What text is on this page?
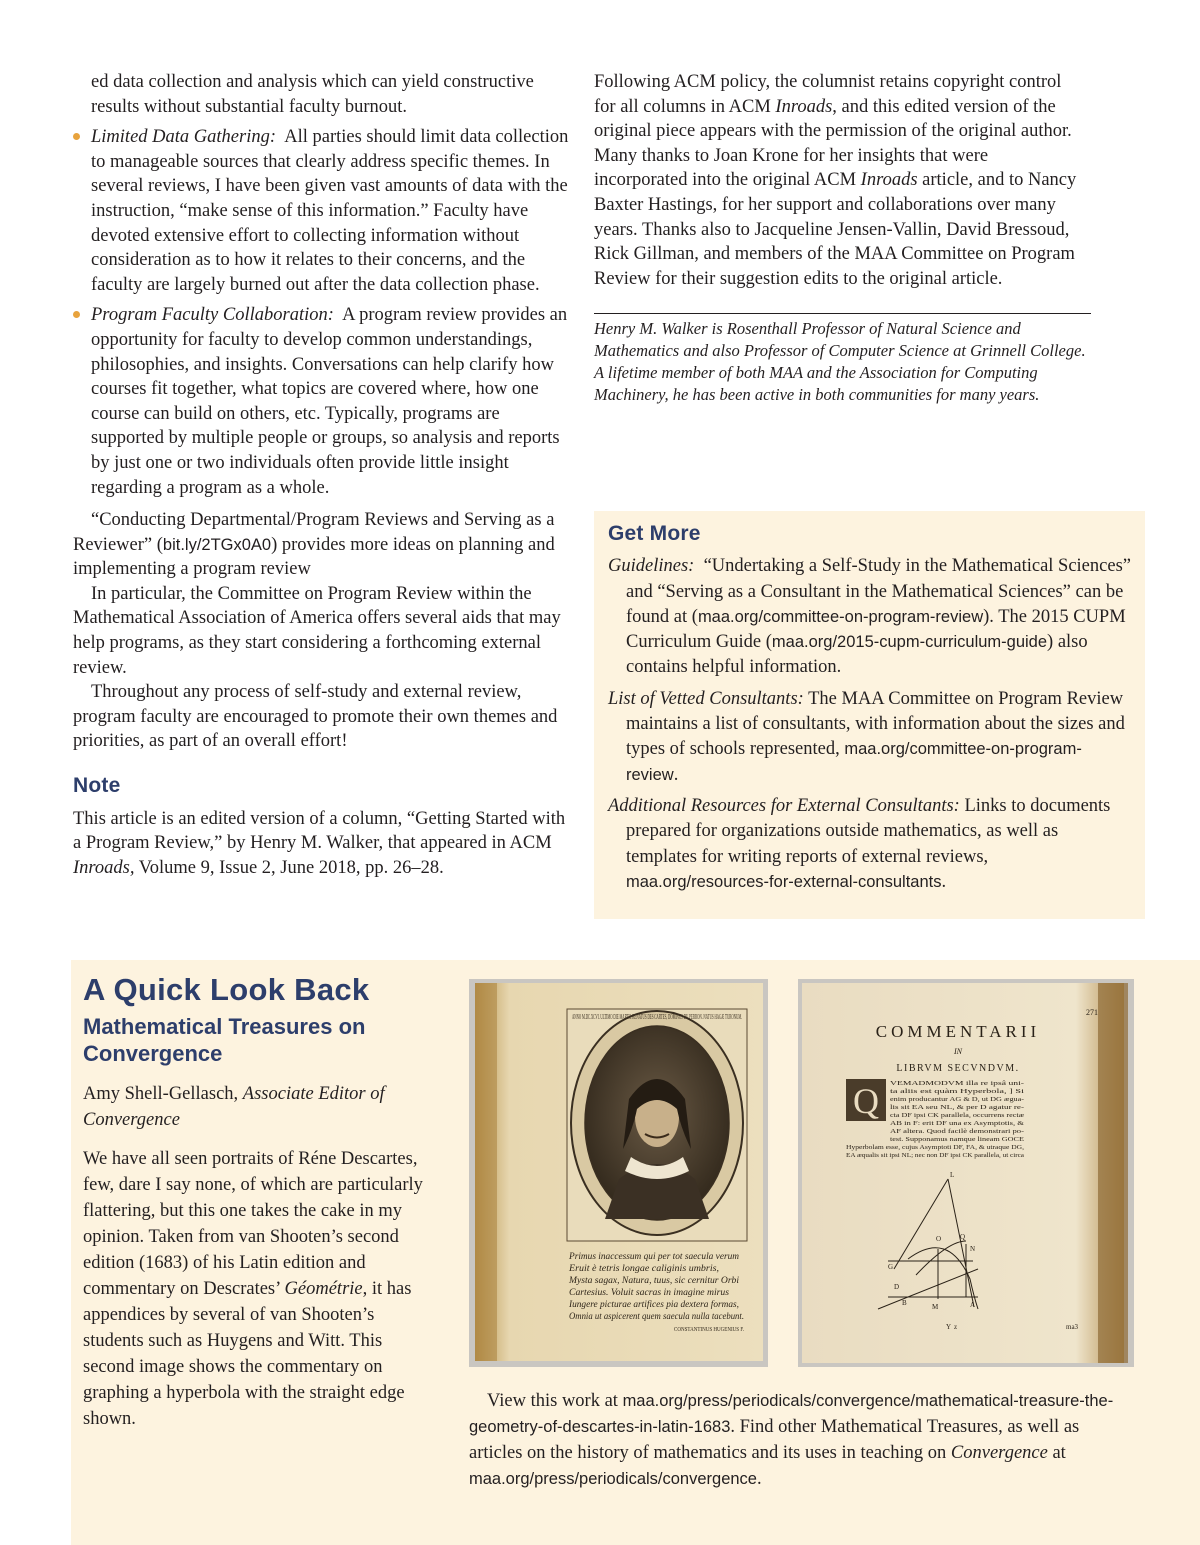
ed data collection and analysis which can yield constructive results without substantial faculty burnout.

Limited Data Gathering: All parties should limit data collection to manageable sources that clearly address specific themes. In several reviews, I have been given vast amounts of data with the instruction, “make sense of this information.” Faculty have devoted extensive effort to collecting information without consideration as to how it relates to their concerns, and the faculty are largely burned out after the data collection phase.
Program Faculty Collaboration: A program review provides an opportunity for faculty to develop common understandings, philosophies, and insights. Conversations can help clarify how courses fit together, what topics are covered where, how one course can build on others, etc. Typically, programs are supported by multiple people or groups, so analysis and reports by just one or two individuals often provide little insight regarding a program as a whole.

“Conducting Departmental/Program Reviews and Serving as a Reviewer” (bit.ly/2TGx0A0) provides more ideas on planning and implementing a program review

In particular, the Committee on Program Review within the Mathematical Association of America offers several aids that may help programs, as they start considering a forthcoming external review.

Throughout any process of self-study and external review, program faculty are encouraged to promote their own themes and priorities, as part of an overall effort!

Note

This article is an edited version of a column, “Getting Started with a Program Review,” by Henry M. Walker, that appeared in ACM Inroads, Volume 9, Issue 2, June 2018, pp. 26–28.

Following ACM policy, the columnist retains copyright control for all columns in ACM Inroads, and this edited version of the original piece appears with the permission of the original author. Many thanks to Joan Krone for her insights that were incorporated into the original ACM Inroads article, and to Nancy Baxter Hastings, for her support and collaborations over many years. Thanks also to Jacqueline Jensen-Vallin, David Bressoud, Rick Gillman, and members of the MAA Committee on Program Review for their suggestion edits to the original article.

Henry M. Walker is Rosenthall Professor of Natural Science and Mathematics and also Professor of Computer Science at Grinnell College. A lifetime member of both MAA and the Association for Computing Machinery, he has been active in both communities for many years.

Get More

Guidelines: “Undertaking a Self-Study in the Mathematical Sciences” and “Serving as a Consultant in the Mathematical Sciences” can be found at (maa.org/committee-on-program-review). The 2015 CUPM Curriculum Guide (maa.org/2015-cupm-curriculum-guide) also contains helpful information.

List of Vetted Consultants: The MAA Committee on Program Review maintains a list of consultants, with information about the sizes and types of schools represented, maa.org/committee-on-program-review.

Additional Resources for External Consultants: Links to documents prepared for organizations outside mathematics, as well as templates for writing reports of external reviews, maa.org/resources-for-external-consultants.

A Quick Look Back
Mathematical Treasures on Convergence
Amy Shell-Gellasch, Associate Editor of Convergence
We have all seen portraits of Réne Descartes, few, dare I say none, of which are particularly flattering, but this one takes the cake in my opinion. Taken from van Shooten’s second edition (1683) of his Latin edition and commentary on Descrates’ Géométrie, it has appendices by several of van Shooten’s students such as Huygens and Witt. This second image shows the commentary on graphing a hyperbola with the straight edge shown.
ANNO M.DC.XCVI. ULTIMO DIE MARTII. RENATUS DES CARTES, DOMINUS DU PERRON. NATUS HAGÆ TURONUM.
Primus inaccessum qui per tot saecula verum
Eruit è tetris longae caliginis umbris,
Mysta sagax, Natura, tuus, sic cernitur Orbi
Cartesius. Voluit sacras in imagine mirus
Iungere picturae artifices pia dextera formas,
Omnia ut aspicerent quem saecula nulla tacebunt.
CONSTANTINUS HUGENIUS F.
271
COMMENTARII
IN
LIBRVM SECVNDVM.
Q VEMADMODVM illa re ipsâ uni-
ta aliis est quàm Hyperbola, ] Si
enim producantur AG & D, ut DG ægua-
lis sit EA seu NL, & per D agatur re-
cta DF ipsi CK parallela, occurrens rectæ
AB in F: erit DF una ex Asymptotis, &
AF altera. Quod facilè demonstrari po-
test. Supponamus namque lineam GOCE
Hyperbolam esse, cujus Asymptoti DF, FA, & utraque DG,
EA æqualis sit ipsi NL; nec non DF ipsi CK parallela, ut circa
L
O	Q
N
G
D
B	M	A
Y z	ma3
View this work at maa.org/press/periodicals/convergence/mathematical-treasure-the-geometry-of-descartes-in-latin-1683. Find other Mathematical Treasures, as well as articles on the history of mathematics and its uses in teaching on Convergence at maa.org/press/periodicals/convergence.
